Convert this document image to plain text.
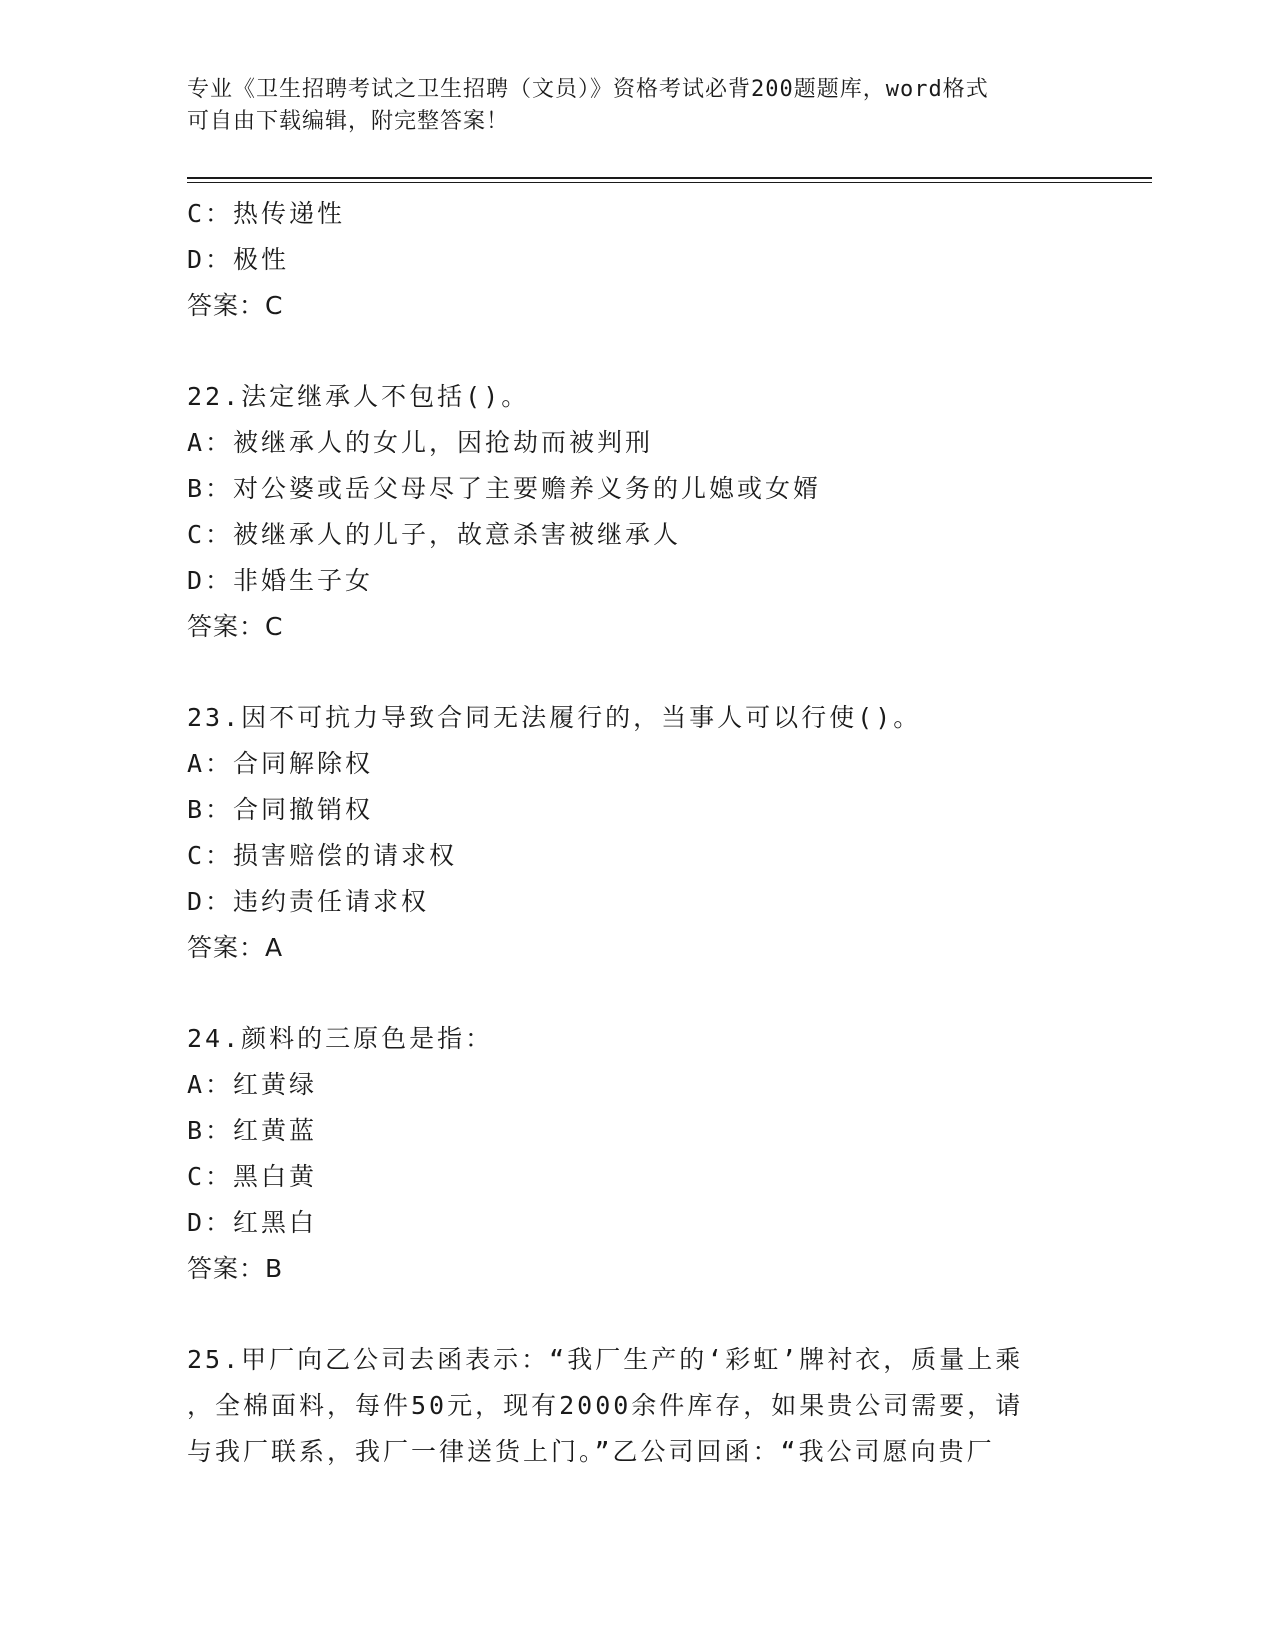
专业《卫生招聘考试之卫生招聘（文员）》资格考试必背200题题库，word格式
可自由下载编辑，附完整答案！
C：热传递性
D：极性
答案：C
22.法定继承人不包括()。
A：被继承人的女儿，因抢劫而被判刑
B：对公婆或岳父母尽了主要赡养义务的儿媳或女婿
C：被继承人的儿子，故意杀害被继承人
D：非婚生子女
答案：C
23.因不可抗力导致合同无法履行的，当事人可以行使()。
A：合同解除权
B：合同撤销权
C：损害赔偿的请求权
D：违约责任请求权
答案：A
24.颜料的三原色是指：
A：红黄绿
B：红黄蓝
C：黑白黄
D：红黑白
答案：B
25.甲厂向乙公司去函表示：“我厂生产的‘彩虹’牌衬衣，质量上乘
，全棉面料，每件50元，现有2000余件库存，如果贵公司需要，请
与我厂联系，我厂一律送货上门。”乙公司回函：“我公司愿向贵厂
